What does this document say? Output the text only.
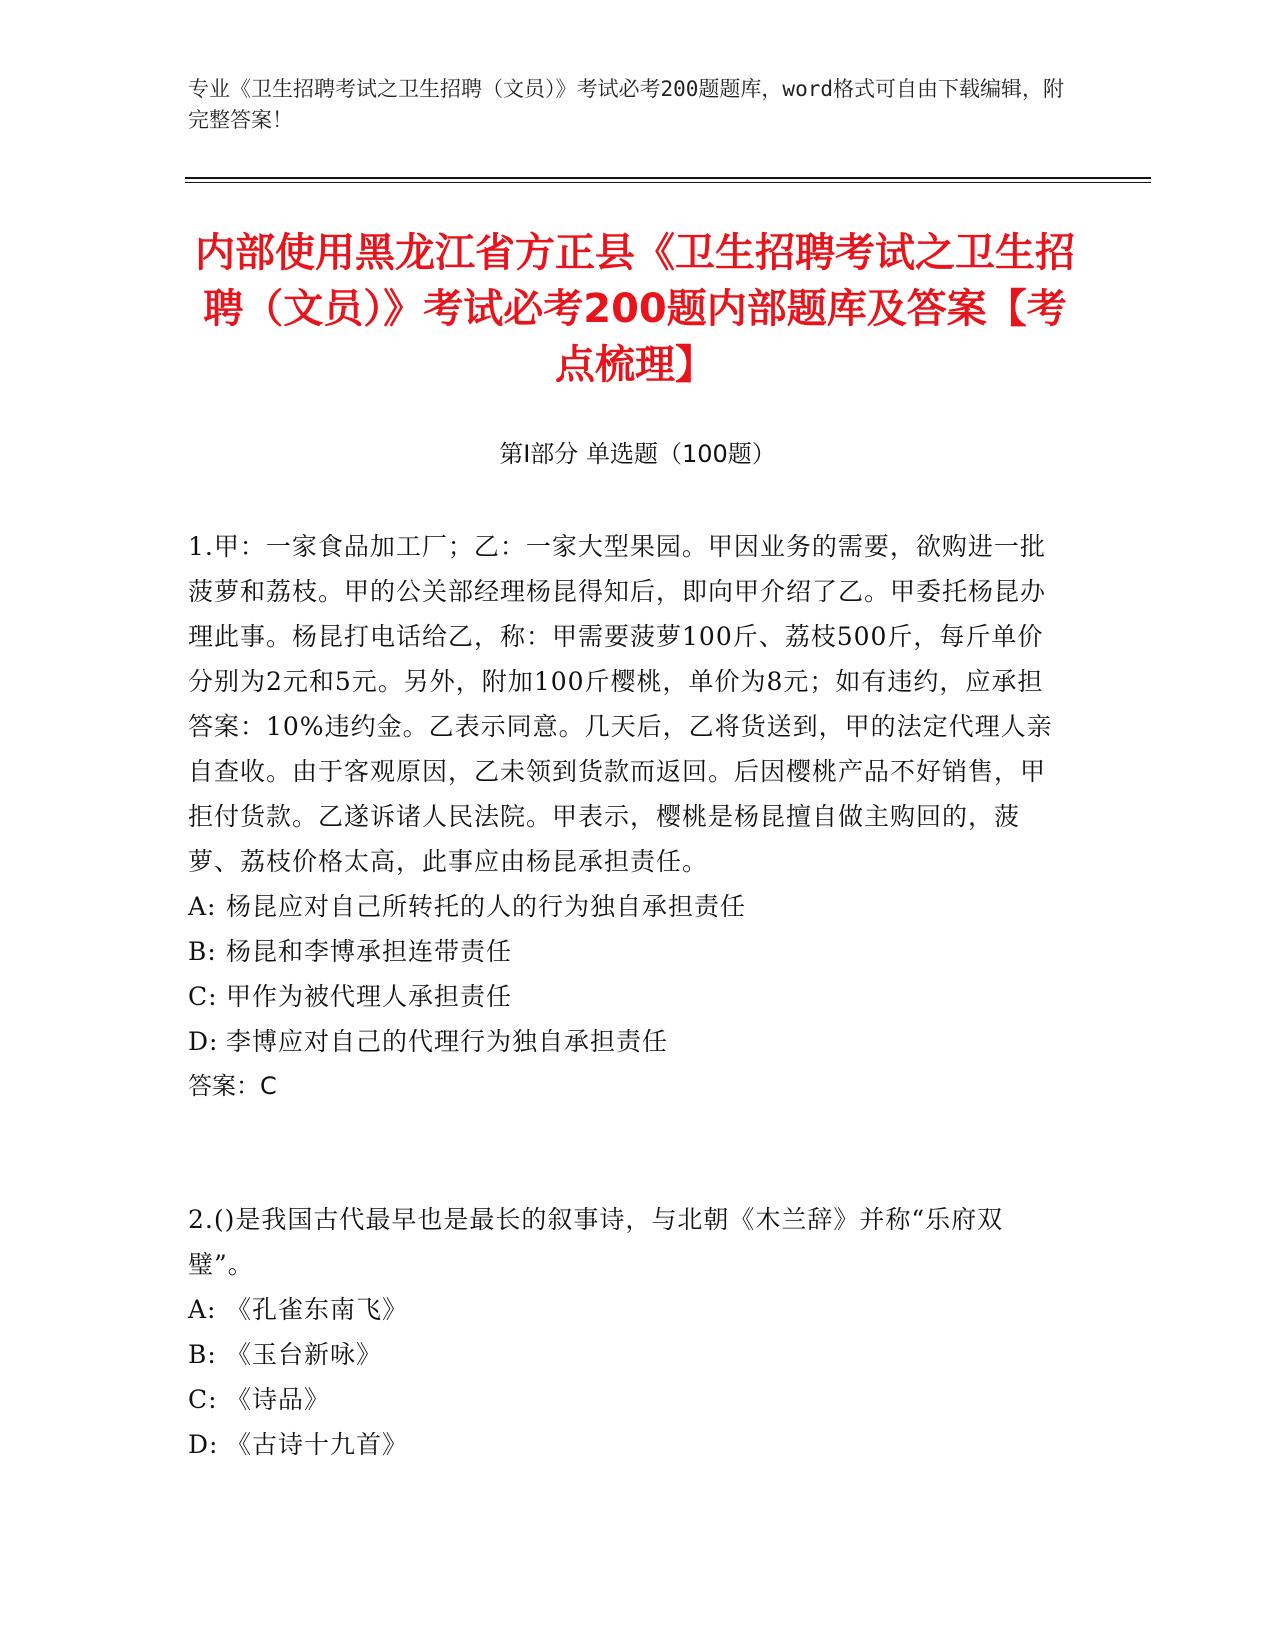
专业《卫生招聘考试之卫生招聘（文员）》考试必考200题题库，word格式可自由下载编辑，附完整答案！
内部使用黑龙江省方正县《卫生招聘考试之卫生招聘（文员）》考试必考200题内部题库及答案【考点梳理】
第Ⅰ部分 单选题（100题）

1.甲：一家食品加工厂；乙：一家大型果园。甲因业务的需要，欲购进一批菠萝和荔枝。甲的公关部经理杨昆得知后，即向甲介绍了乙。甲委托杨昆办理此事。杨昆打电话给乙，称：甲需要菠萝100斤、荔枝500斤，每斤单价分别为2元和5元。另外，附加100斤樱桃，单价为8元；如有违约，应承担答案：10%违约金。乙表示同意。几天后，乙将货送到，甲的法定代理人亲自查收。由于客观原因，乙未领到货款而返回。后因樱桃产品不好销售，甲拒付货款。乙遂诉诸人民法院。甲表示，樱桃是杨昆擅自做主购回的，菠萝、荔枝价格太高，此事应由杨昆承担责任。

A: 杨昆应对自己所转托的人的行为独自承担责任

B: 杨昆和李博承担连带责任

C: 甲作为被代理人承担责任

D: 李博应对自己的代理行为独自承担责任

答案：C

2.()是我国古代最早也是最长的叙事诗，与北朝《木兰辞》并称“乐府双璧”。

A: 《孔雀东南飞》

B: 《玉台新咏》

C: 《诗品》

D: 《古诗十九首》
